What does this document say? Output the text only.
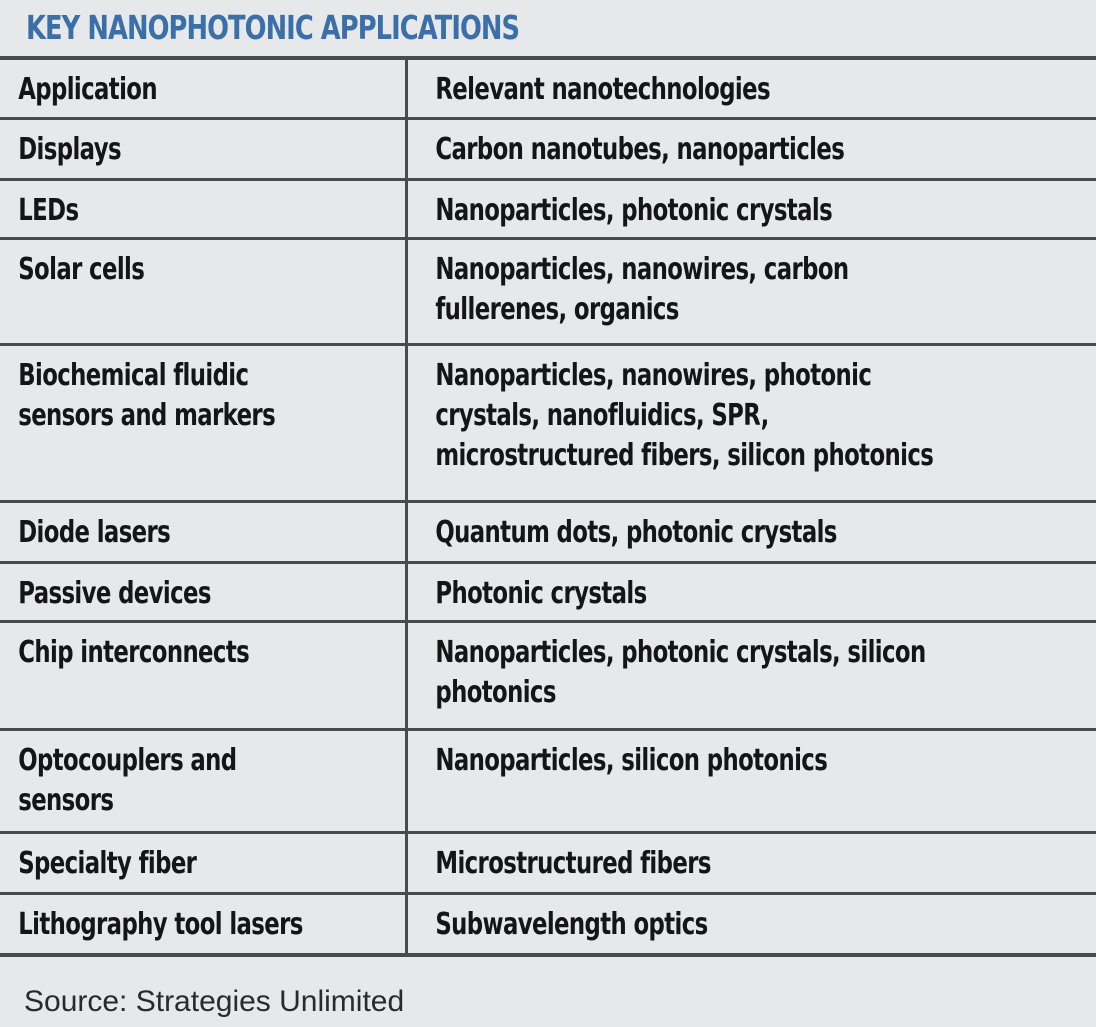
KEY NANOPHOTONIC APPLICATIONS
Application	Relevant nanotechnologies

Displays	Carbon nanotubes, nanoparticles

LEDs	Nanoparticles, photonic crystals

Solar cells	Nanoparticles, nanowires, carbon
fullerenes, organics

Biochemical fluidic
sensors and markers	Nanoparticles, nanowires, photonic
crystals, nanofluidics, SPR,
microstructured fibers, silicon photonics

Diode lasers	Quantum dots, photonic crystals

Passive devices	Photonic crystals

Chip interconnects	Nanoparticles, photonic crystals, silicon
photonics

Optocouplers and
sensors	Nanoparticles, silicon photonics

Specialty fiber	Microstructured fibers

Lithography tool lasers	Subwavelength optics
Source: Strategies Unlimited
